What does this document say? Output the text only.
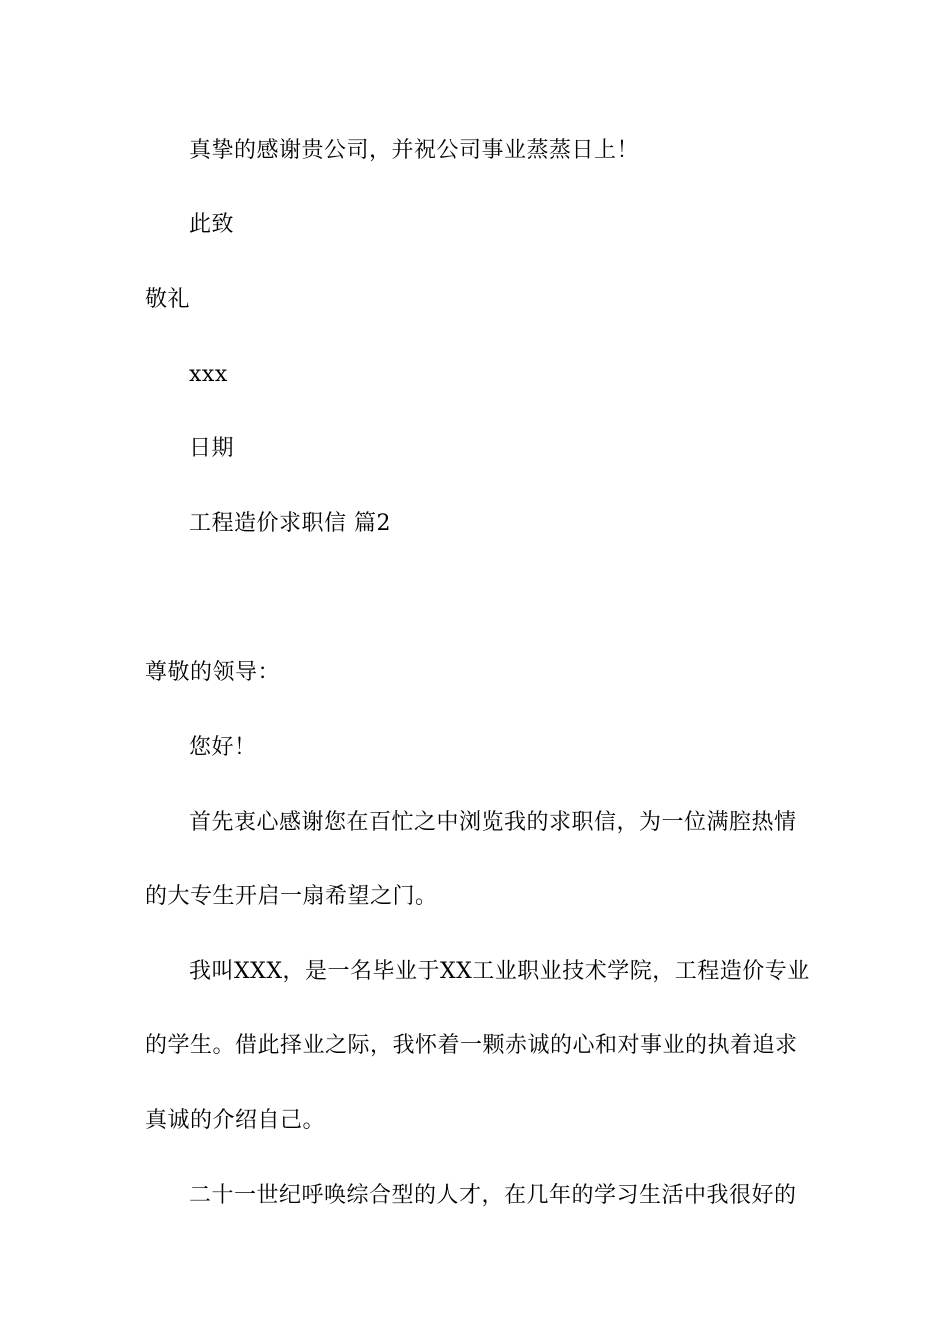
真挚的感谢贵公司，并祝公司事业蒸蒸日上！
此致
敬礼
xxx
日期
工程造价求职信 篇2
尊敬的领导：
您好！
首先衷心感谢您在百忙之中浏览我的求职信，为一位满腔热情
的大专生开启一扇希望之门。
我叫XXX，是一名毕业于XX工业职业技术学院，工程造价专业
的学生。借此择业之际，我怀着一颗赤诚的心和对事业的执着追求
真诚的介绍自己。
二十一世纪呼唤综合型的人才，在几年的学习生活中我很好的
